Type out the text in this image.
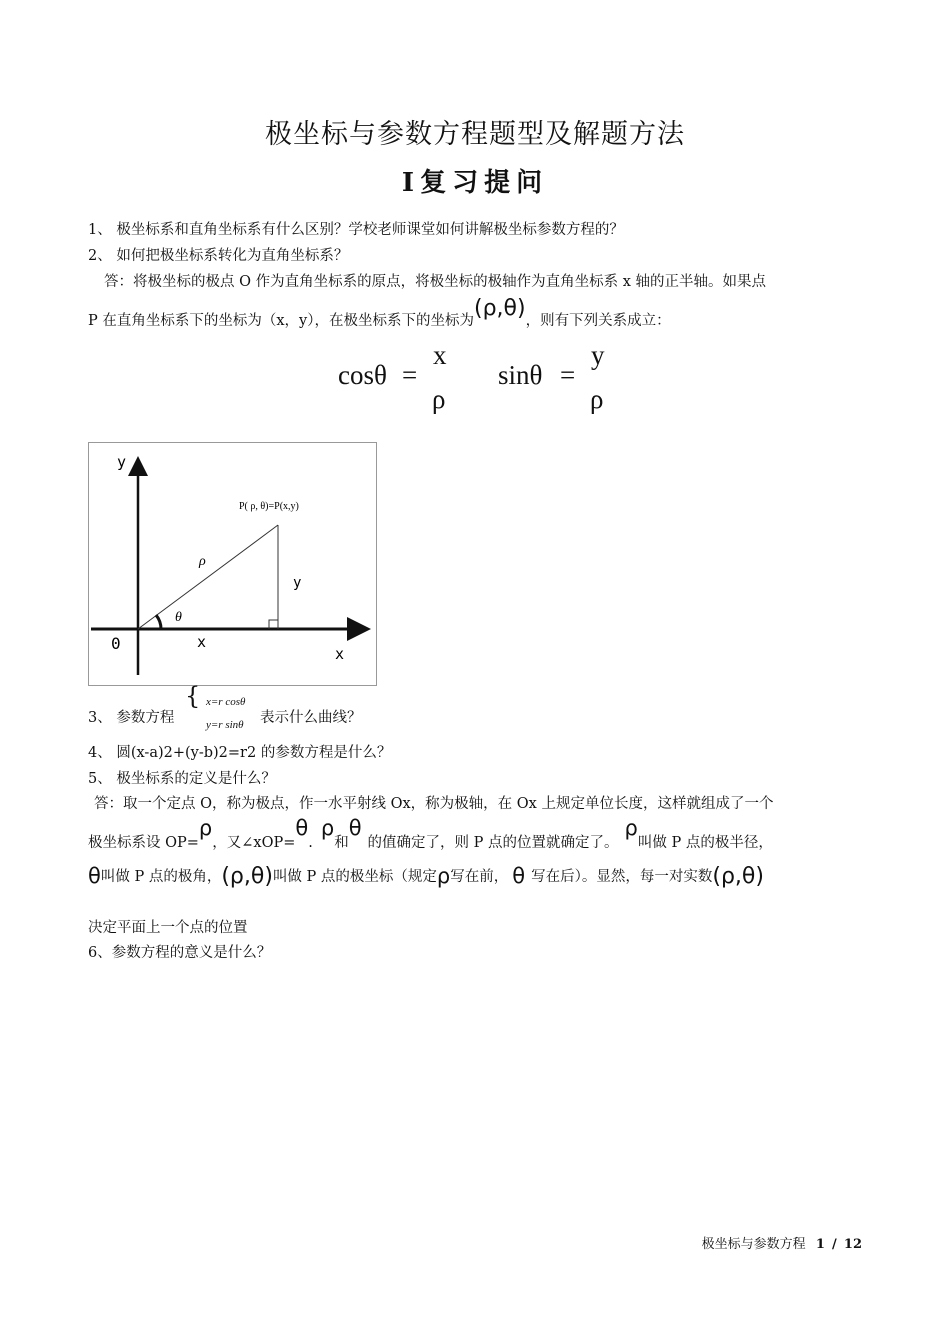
极坐标与参数方程题型及解题方法
Ⅰ复习提问
1、 极坐标系和直角坐标系有什么区别？学校老师课堂如何讲解极坐标参数方程的？
2、 如何把极坐标系转化为直角坐标系？
答：将极坐标的极点 O 作为直角坐标系的原点，将极坐标的极轴作为直角坐标系 x 轴的正半轴。如果点
P 在直角坐标系下的坐标为（x，y），在极坐标系下的坐标为(ρ,θ)，则有下列关系成立：
cosθ =
x
ρ
sinθ =
y
ρ
y
x
0
P( ρ, θ)=P(x,y)
ρ
θ
y
x
3、 参数方程
{ x=r cosθ
y=r sinθ 表示什么曲线？
4、 圆(x-a)2+(y-b)2=r2 的参数方程是什么？
5、 极坐标系的定义是什么？
答：取一个定点 O，称为极点，作一水平射线 Ox，称为极轴，在 Ox 上规定单位长度，这样就组成了一个
极坐标系设 OP=ρ，又∠xOP=θ.ρ和θ的值确定了，则 P 点的位置就确定了。ρ叫做 P 点的极半径，
θ叫做 P 点的极角，(ρ,θ)叫做 P 点的极坐标（规定ρ写在前， θ 写在后）。显然，每一对实数(ρ,θ)
决定平面上一个点的位置
6、参数方程的意义是什么？
极坐标与参数方程 1 / 12
